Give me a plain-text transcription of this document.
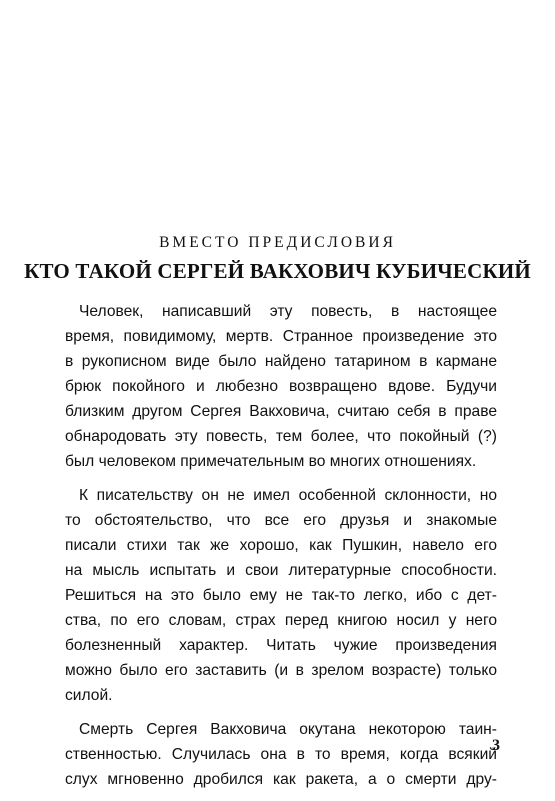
ВМЕСТО ПРЕДИСЛОВИЯ
КТО ТАКОЙ СЕРГЕЙ ВАКХОВИЧ КУБИЧЕСКИЙ
Человек, написавший эту повесть, в настоящее
время, повидимому, мертв. Странное произведение это
в рукописном виде было найдено татарином в кармане
брюк покойного и любезно возвращено вдове. Будучи
близким другом Сергея Вакховича, считаю себя в праве
обнародовать эту повесть, тем более, что покойный (?)
был человеком примечательным во многих отношениях.
К писательству он не имел особенной склонности, но
то обстоятельство, что все его друзья и знакомые
писали стихи так же хорошо, как Пушкин, навело его
на мысль испытать и свои литературные способности.
Решиться на это было ему не так-то легко, ибо с дет-
ства, по его словам, страх перед книгою носил у него
болезненный характер. Читать чужие произведения
можно было его заставить (и в зрелом возрасте) только
силой.
Смерть Сергея Вакховича окутана некоторою таин-
ственностью. Случилась она в то время, когда всякий
слух мгновенно дробился как ракета, а о смерти дру-
3
